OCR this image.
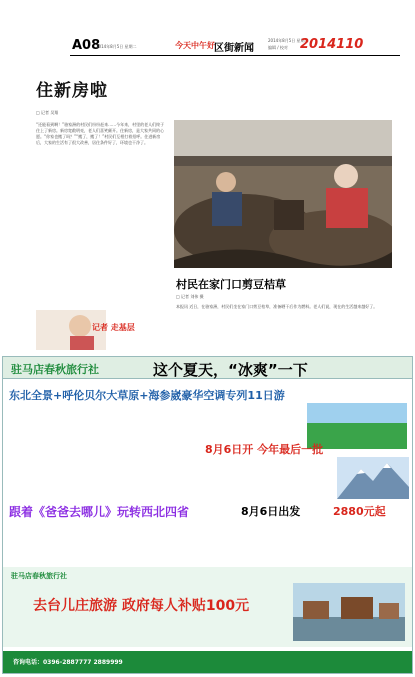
A08
2014年8月5日 星期二	今天中午好 区街新闻
2014年8月5日 星期二
编辑 / 校对 2014110
住新房啦
□ 记者 吴翔
“还能看到啊！”骆家洲的村民们纷纷赶来……今年来，村里的老人们终于住上了新房。新房宽敞明亮，老人们喜笑颜开。住新房，是大家共同的心愿。“你家也搬了吗？”“搬了，搬了！”村民们互相打着招呼。住进新房后，大家的生活有了很大改善，居住条件好了，环境也干净了。
记者 走基层
村民在家门口剪豆桔草
□ 记者 刘伟 摄
本报讯 近日，在骆家洲，村民们坐在家门口剪豆桔草，准备晒干后作为燃料。老人们说，现在的生活越来越好了。
驻马店春秋旅行社	这个夏天，“冰爽”一下
东北全景+呼伦贝尔大草原+海参崴豪华空调专列11日游
8月6日开 今年最后一批
跟着《爸爸去哪儿》玩转西北四省	8月6日出发	2880元起
驻马店春秋旅行社
去台儿庄旅游 政府每人补贴100元
咨询电话：0396-2887777 2889999
